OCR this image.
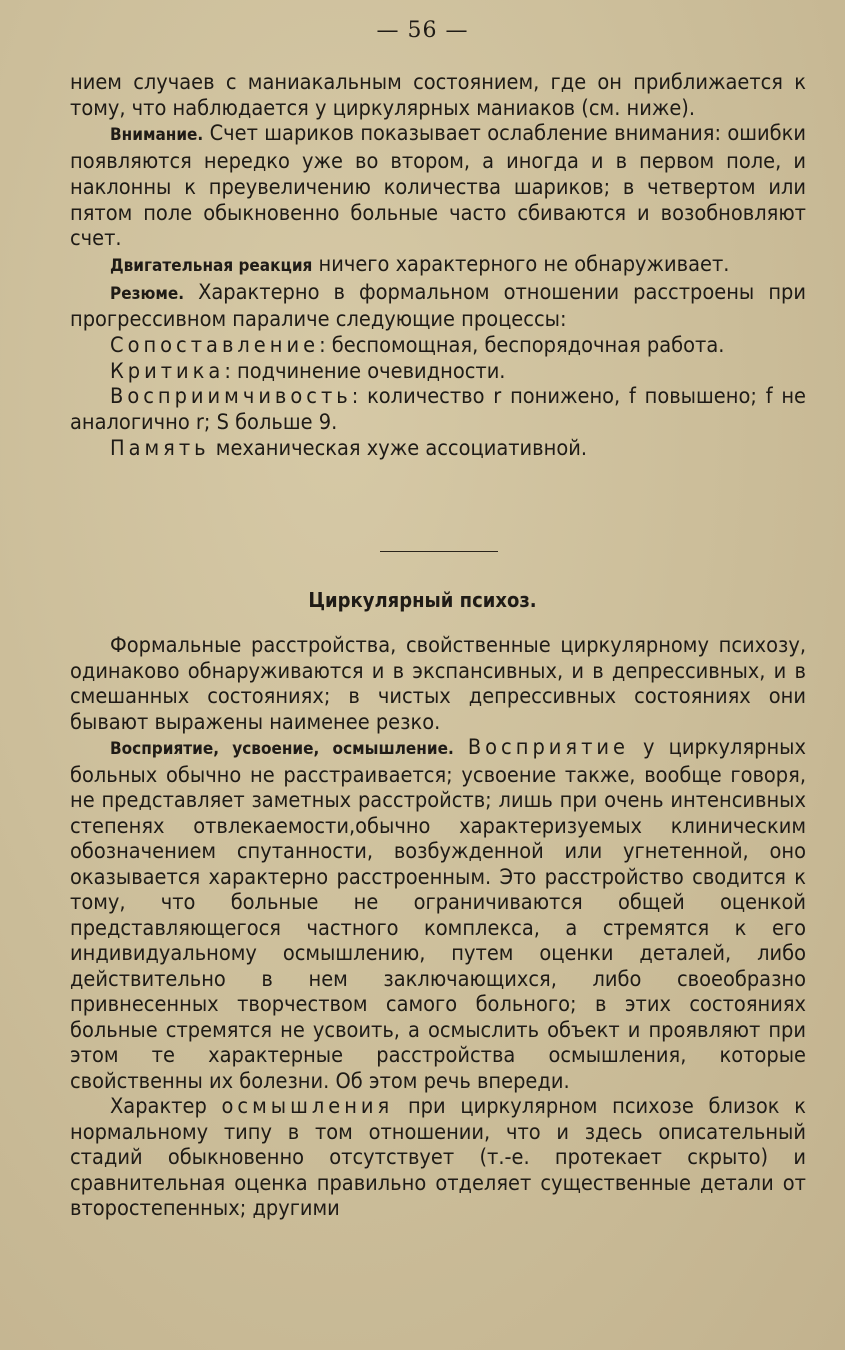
— 56 —

нием случаев с маниакальным состоянием, где он приближается к тому, что наблюдается у циркулярных маниаков (см. ниже).

Внимание. Счет шариков показывает ослабление внимания: ошибки появляются нередко уже во втором, а иногда и в первом поле, и наклонны к преувеличению количества шариков; в четвертом или пятом поле обыкновенно больные часто сбиваются и возобновляют счет.

Двигательная реакция ничего характерного не обнаруживает.

Резюме. Характерно в формальном отношении расстроены при прогрессивном параличе следующие процессы:

Сопоставление: беспомощная, беспорядочная работа.

Критика: подчинение очевидности.

Восприимчивость: количество r понижено, f повышено; f не аналогично r; S больше 9.

Память механическая хуже ассоциативной.

Циркулярный психоз.

Формальные расстройства, свойственные циркулярному психозу, одинаково обнаруживаются и в экспансивных, и в депрессивных, и в смешанных состояниях; в чистых депрессивных состояниях они бывают выражены наименее резко.

Восприятие, усвоение, осмышление. Восприятие у циркулярных больных обычно не расстраивается; усвоение также, вообще говоря, не представляет заметных расстройств; лишь при очень интенсивных степенях отвлекаемости,обычно характеризуемых клиническим обозначением спутанности, возбужденной или угнетенной, оно оказывается характерно расстроенным. Это расстройство сводится к тому, что больные не ограничиваются общей оценкой представляющегося частного комплекса, а стремятся к его индивидуальному осмышлению, путем оценки деталей, либо действительно в нем заключающихся, либо своеобразно привнесенных творчеством самого больного; в этих состояниях больные стремятся не усвоить, а осмыслить объект и проявляют при этом те характерные расстройства осмышления, которые свойственны их болезни. Об этом речь впереди.

Характер осмышления при циркулярном психозе близок к нормальному типу в том отношении, что и здесь описательный стадий обыкновенно отсутствует (т.-е. протекает скрыто) и сравнительная оценка правильно отделяет существенные детали от второстепенных; другими
